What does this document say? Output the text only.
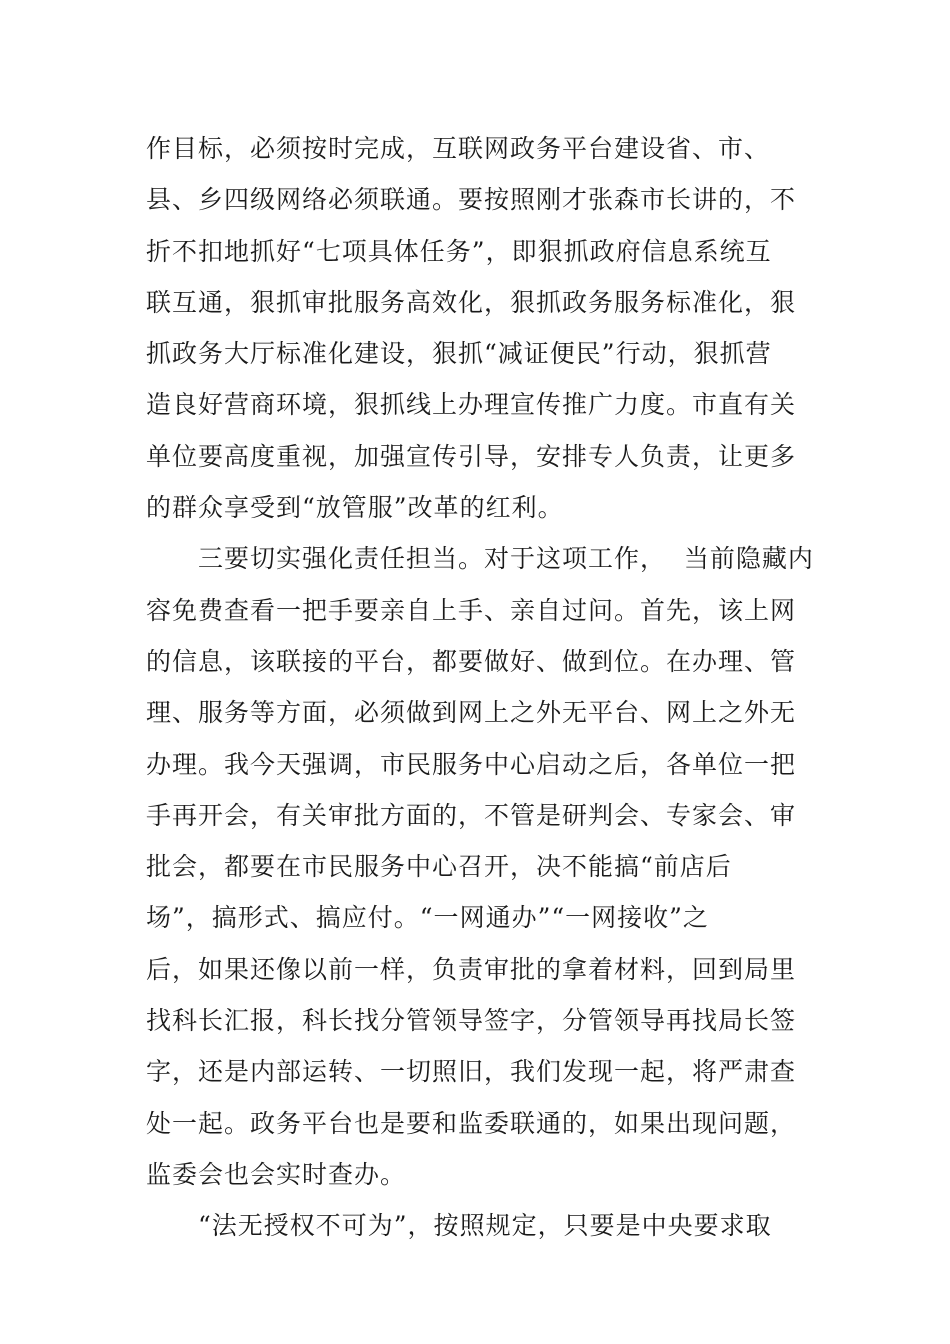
作目标，必须按时完成，互联网政务平台建设省、市、
县、乡四级网络必须联通。要按照刚才张森市长讲的，不
折不扣地抓好“七项具体任务”，即狠抓政府信息系统互
联互通，狠抓审批服务高效化，狠抓政务服务标准化，狠
抓政务大厅标准化建设，狠抓“减证便民”行动，狠抓营
造良好营商环境，狠抓线上办理宣传推广力度。市直有关
单位要高度重视，加强宣传引导，安排专人负责，让更多
的群众享受到“放管服”改革的红利。
　　三要切实强化责任担当。对于这项工作，  当前隐藏内
容免费查看一把手要亲自上手、亲自过问。首先，该上网
的信息，该联接的平台，都要做好、做到位。在办理、管
理、服务等方面，必须做到网上之外无平台、网上之外无
办理。我今天强调，市民服务中心启动之后，各单位一把
手再开会，有关审批方面的，不管是研判会、专家会、审
批会，都要在市民服务中心召开，决不能搞“前店后
场”，搞形式、搞应付。“一网通办”“一网接收”之
后，如果还像以前一样，负责审批的拿着材料，回到局里
找科长汇报，科长找分管领导签字，分管领导再找局长签
字，还是内部运转、一切照旧，我们发现一起，将严肃查
处一起。政务平台也是要和监委联通的，如果出现问题，
监委会也会实时查办。
　　“法无授权不可为”，按照规定，只要是中央要求取
